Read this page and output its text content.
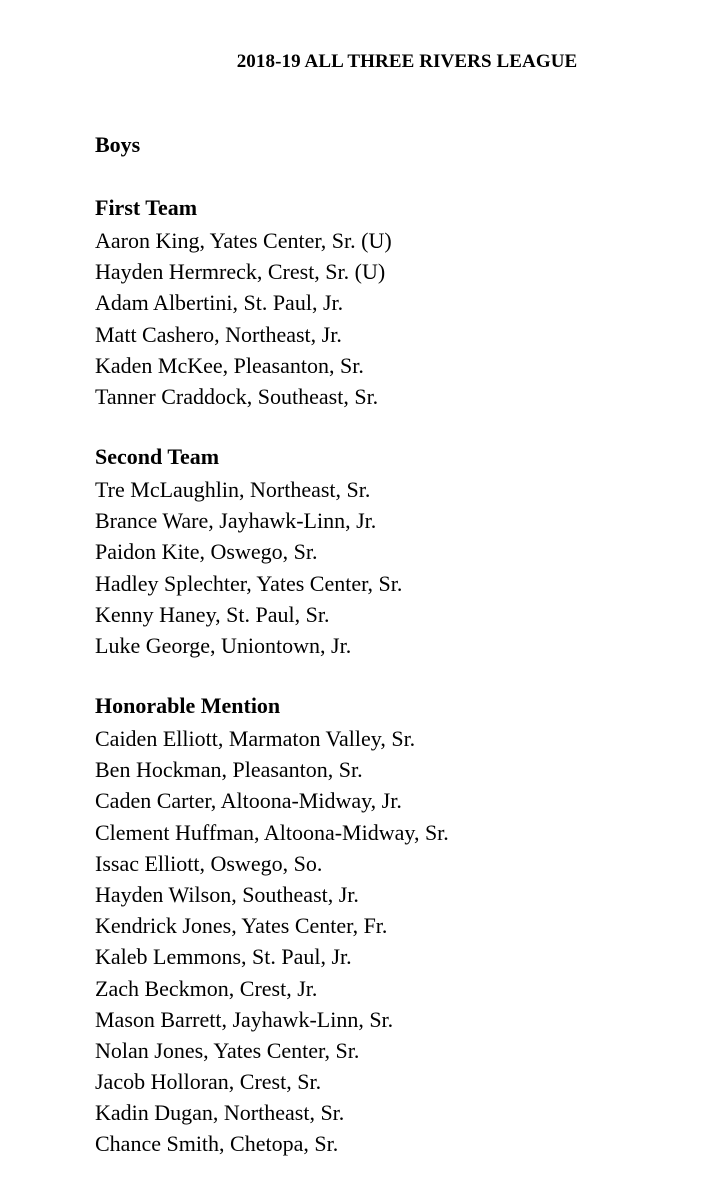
2018-19 ALL THREE RIVERS LEAGUE
Boys
First Team
Aaron King, Yates Center, Sr. (U)
Hayden Hermreck, Crest, Sr. (U)
Adam Albertini, St. Paul, Jr.
Matt Cashero, Northeast, Jr.
Kaden McKee, Pleasanton, Sr.
Tanner Craddock, Southeast, Sr.
Second Team
Tre McLaughlin, Northeast, Sr.
Brance Ware, Jayhawk-Linn, Jr.
Paidon Kite, Oswego, Sr.
Hadley Splechter, Yates Center, Sr.
Kenny Haney, St. Paul, Sr.
Luke George, Uniontown, Jr.
Honorable Mention
Caiden Elliott, Marmaton Valley, Sr.
Ben Hockman, Pleasanton, Sr.
Caden Carter, Altoona-Midway, Jr.
Clement Huffman, Altoona-Midway, Sr.
Issac Elliott, Oswego, So.
Hayden Wilson, Southeast, Jr.
Kendrick Jones, Yates Center, Fr.
Kaleb Lemmons, St. Paul, Jr.
Zach Beckmon, Crest, Jr.
Mason Barrett, Jayhawk-Linn, Sr.
Nolan Jones, Yates Center, Sr.
Jacob Holloran, Crest, Sr.
Kadin Dugan, Northeast, Sr.
Chance Smith, Chetopa, Sr.
